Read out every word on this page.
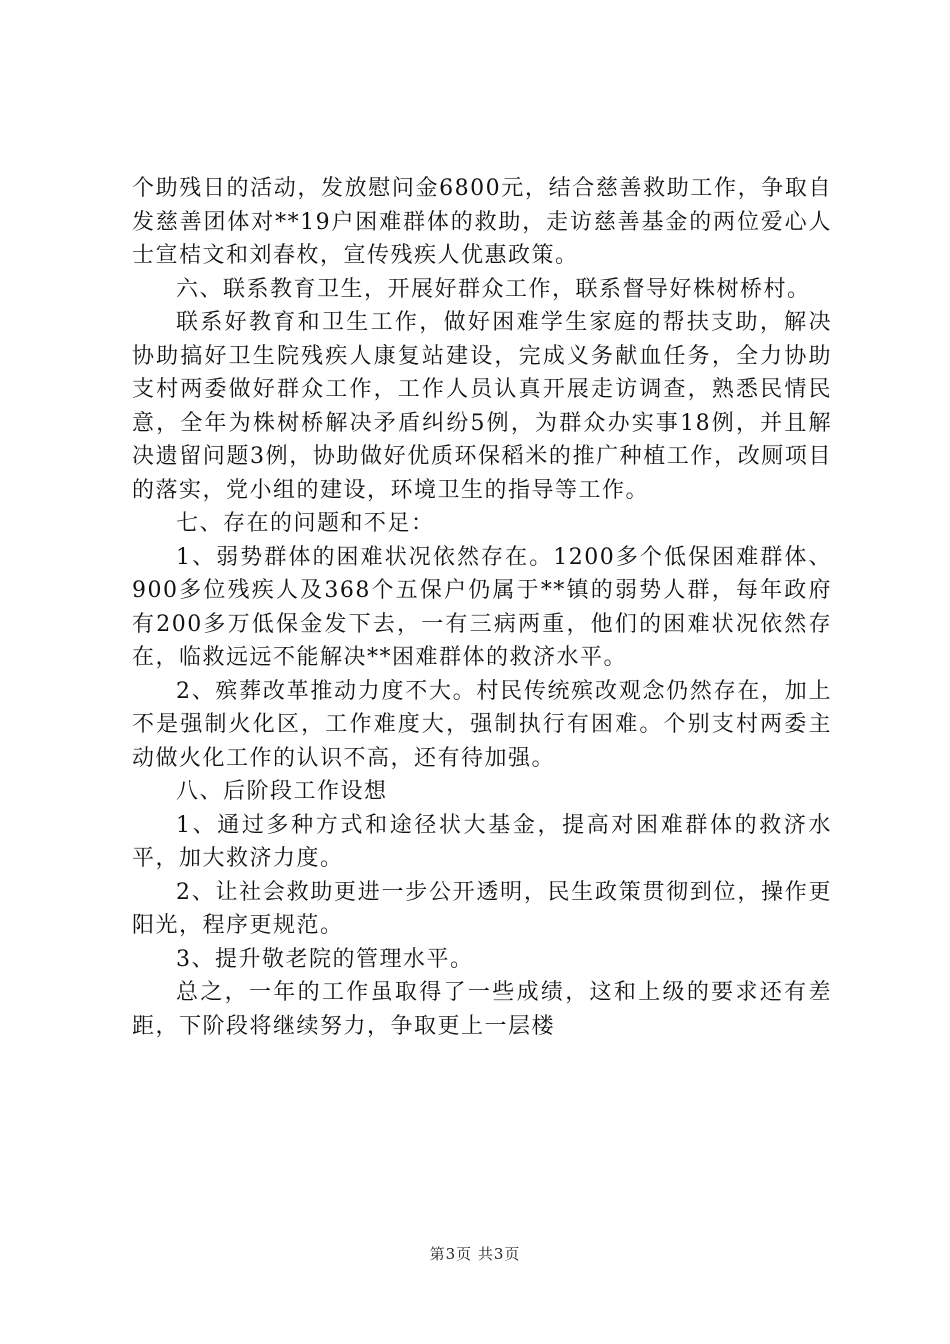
个助残日的活动，发放慰问金6800元，结合慈善救助工作，争取自发慈善团体对**19户困难群体的救助，走访慈善基金的两位爱心人士宣桔文和刘春枚，宣传残疾人优惠政策。

六、联系教育卫生，开展好群众工作，联系督导好株树桥村。

联系好教育和卫生工作，做好困难学生家庭的帮扶支助，解决协助搞好卫生院残疾人康复站建设，完成义务献血任务，全力协助支村两委做好群众工作，工作人员认真开展走访调查，熟悉民情民意，全年为株树桥解决矛盾纠纷5例，为群众办实事18例，并且解决遗留问题3例，协助做好优质环保稻米的推广种植工作，改厕项目的落实，党小组的建设，环境卫生的指导等工作。

七、存在的问题和不足：

1、弱势群体的困难状况依然存在。1200多个低保困难群体、900多位残疾人及368个五保户仍属于**镇的弱势人群，每年政府有200多万低保金发下去，一有三病两重，他们的困难状况依然存在，临救远远不能解决**困难群体的救济水平。

2、殡葬改革推动力度不大。村民传统殡改观念仍然存在，加上不是强制火化区，工作难度大，强制执行有困难。个别支村两委主动做火化工作的认识不高，还有待加强。

八、后阶段工作设想

1、通过多种方式和途径状大基金，提高对困难群体的救济水平，加大救济力度。

2、让社会救助更进一步公开透明，民生政策贯彻到位，操作更阳光，程序更规范。

3、提升敬老院的管理水平。

总之，一年的工作虽取得了一些成绩，这和上级的要求还有差距，下阶段将继续努力，争取更上一层楼

第3页 共3页
